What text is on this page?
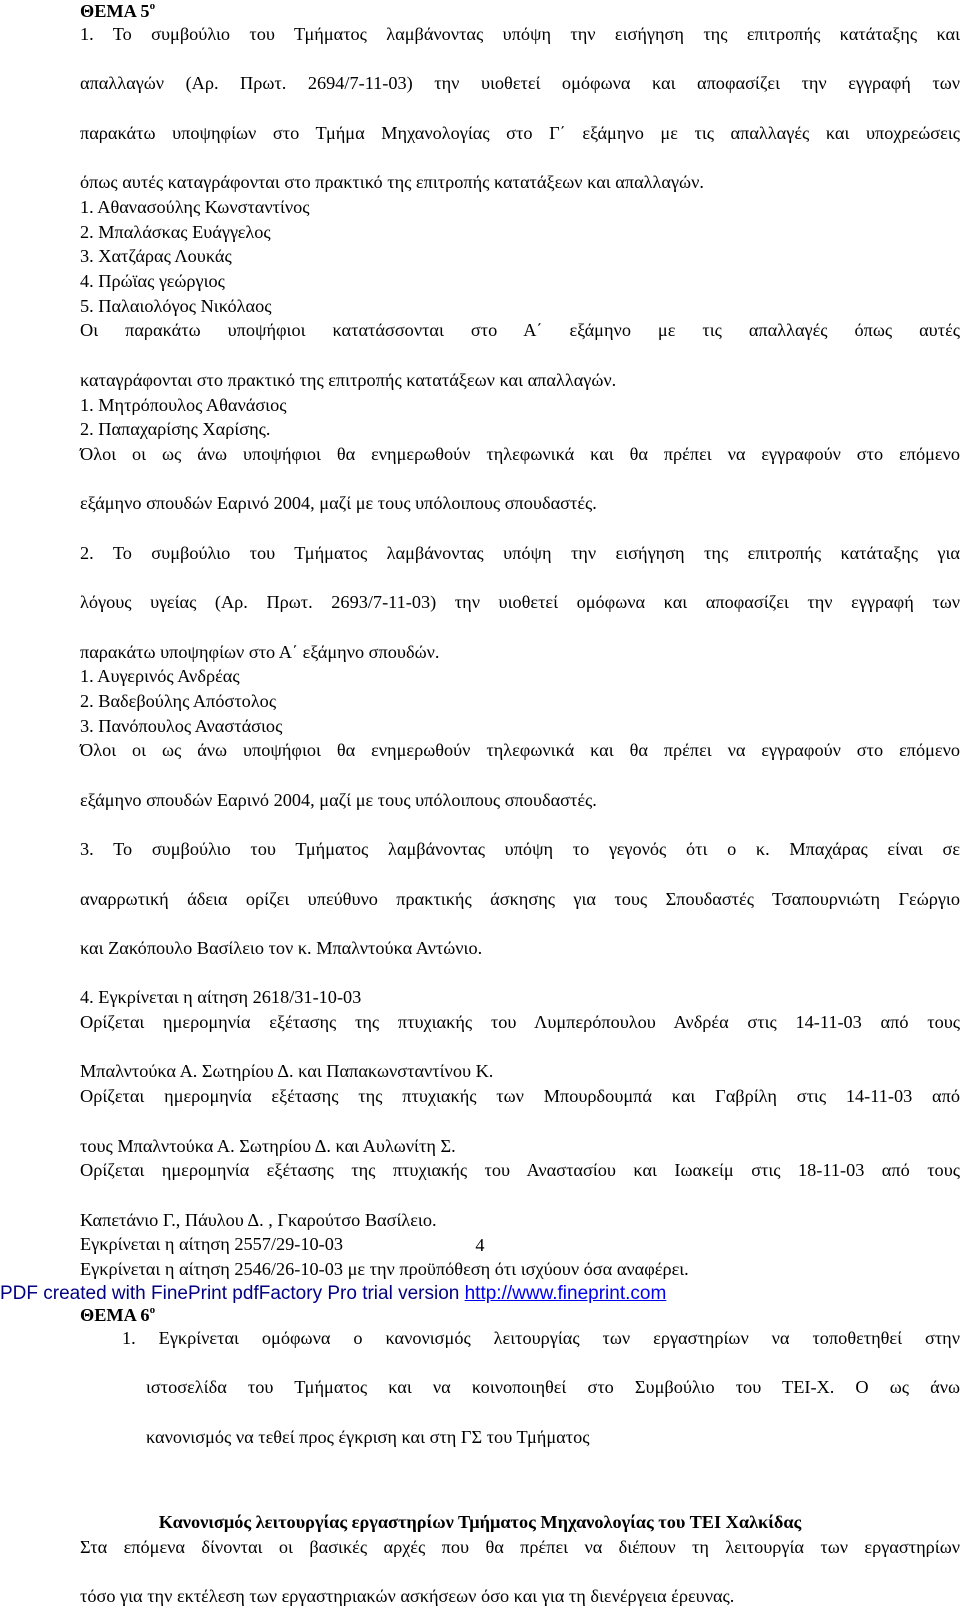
ΘΕΜΑ $5^o$

1. Το συμβούλιο του Τμήματος λαμβάνοντας υπόψη την εισήγηση της επιτροπής κατάταξης και

απαλλαγών (Αρ. Πρωτ. 2694/7-11-03) την υιοθετεί ομόφωνα και αποφασίζει την εγγραφή των

παρακάτω υποψηφίων στο Τμήμα Μηχανολογίας στο Γ΄ εξάμηνο με τις απαλλαγές και υποχρεώσεις

όπως αυτές καταγράφονται στο πρακτικό της επιτροπής κατατάξεων και απαλλαγών.

1. Αθανασούλης Κωνσταντίνος

2. Μπαλάσκας Ευάγγελος

3. Χατζάρας Λουκάς

4. Πρώϊας γεώργιος

5. Παλαιολόγος Νικόλαος

Οι παρακάτω υποψήφιοι κατατάσσονται στο Α΄ εξάμηνο με τις απαλλαγές όπως αυτές

καταγράφονται στο πρακτικό της επιτροπής κατατάξεων και απαλλαγών.

1. Μητρόπουλος Αθανάσιος

2. Παπαχαρίσης Χαρίσης.

Όλοι οι ως άνω υποψήφιοι θα ενημερωθούν τηλεφωνικά και θα πρέπει να εγγραφούν στο επόμενο

εξάμηνο σπουδών Εαρινό 2004, μαζί με τους υπόλοιπους σπουδαστές.

2. Το συμβούλιο του Τμήματος λαμβάνοντας υπόψη την εισήγηση της επιτροπής κατάταξης για

λόγους υγείας (Αρ. Πρωτ. 2693/7-11-03) την υιοθετεί ομόφωνα και αποφασίζει την εγγραφή των

παρακάτω υποψηφίων στο Α΄ εξάμηνο σπουδών.

1. Αυγερινός Ανδρέας

2. Βαδεβούλης Απόστολος

3. Πανόπουλος Αναστάσιος

Όλοι οι ως άνω υποψήφιοι θα ενημερωθούν τηλεφωνικά και θα πρέπει να εγγραφούν στο επόμενο

εξάμηνο σπουδών Εαρινό 2004, μαζί με τους υπόλοιπους σπουδαστές.

3. Το συμβούλιο του Τμήματος λαμβάνοντας υπόψη το γεγονός ότι ο κ. Μπαχάρας είναι σε

αναρρωτική άδεια ορίζει υπεύθυνο πρακτικής άσκησης για τους Σπουδαστές Τσαπουρνιώτη Γεώργιο

και Ζακόπουλο Βασίλειο τον κ. Μπαλντούκα Αντώνιο.

4. Εγκρίνεται η αίτηση 2618/31-10-03

Ορίζεται ημερομηνία εξέτασης της πτυχιακής του Λυμπερόπουλου Ανδρέα στις 14-11-03 από τους

Μπαλντούκα Α. Σωτηρίου Δ. και Παπακωνσταντίνου Κ.

Ορίζεται ημερομηνία εξέτασης της πτυχιακής των Μπουρδουμπά και Γαβρίλη στις 14-11-03 από

τους Μπαλντούκα Α. Σωτηρίου Δ. και Αυλωνίτη Σ.

Ορίζεται ημερομηνία εξέτασης της πτυχιακής του Αναστασίου και Ιωακείμ στις 18-11-03 από τους

Καπετάνιο Γ., Πάυλου Δ. , Γκαρούτσο Βασίλειο.

Εγκρίνεται η αίτηση 2557/29-10-03

Εγκρίνεται η αίτηση 2546/26-10-03 με την προϋπόθεση ότι ισχύουν όσα αναφέρει.

ΘΕΜΑ $6^o$

1. Εγκρίνεται ομόφωνα ο κανονισμός λειτουργίας των εργαστηρίων να τοποθετηθεί στην

ιστοσελίδα του Τμήματος και να κοινοποιηθεί στο Συμβούλιο του ΤΕΙ-Χ. Ο ως άνω

κανονισμός να τεθεί προς έγκριση και στη ΓΣ του Τμήματος

Κανονισμός λειτουργίας εργαστηρίων Τμήματος Μηχανολογίας του ΤΕΙ Χαλκίδας

Στα επόμενα δίνονται οι βασικές αρχές που θα πρέπει να διέπουν τη λειτουργία των εργαστηρίων

τόσο για την εκτέλεση των εργαστηριακών ασκήσεων όσο και για τη διενέργεια έρευνας.

4
PDF created with FinePrint pdfFactory Pro trial version http://www.fineprint.com
